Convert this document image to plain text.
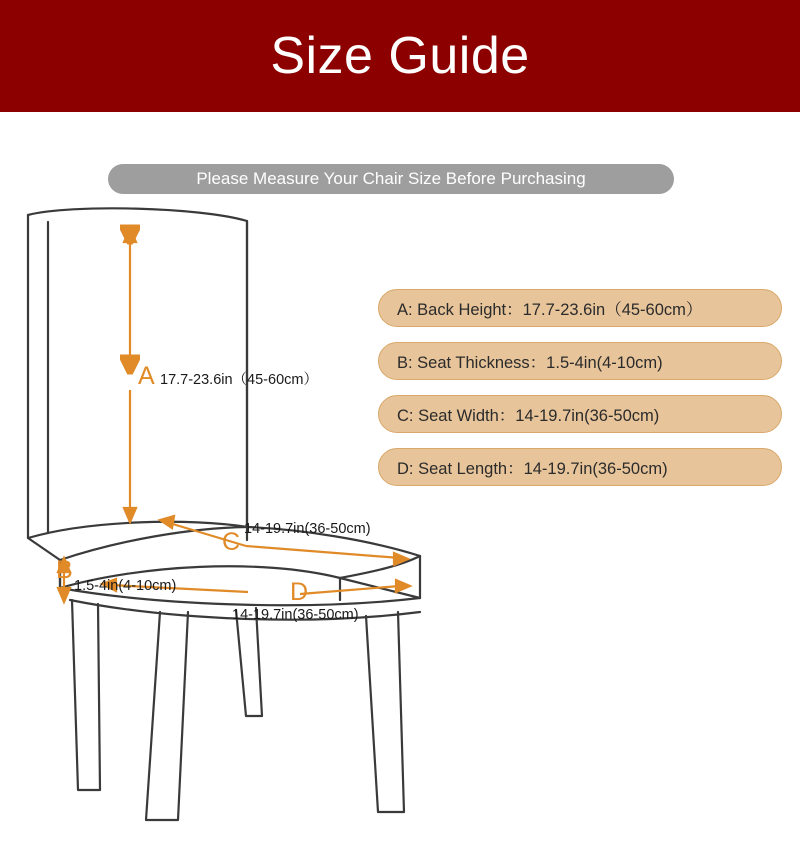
Size Guide
Please Measure Your Chair Size Before Purchasing
A 17.7-23.6in（45-60cm）
B
1.5-4in(4-10cm)
C 14-19.7in(36-50cm)
D
14-19.7in(36-50cm)
A: Back Height：17.7-23.6in（45-60cm）
B: Seat Thickness：1.5-4in(4-10cm)
C: Seat Width：14-19.7in(36-50cm)
D: Seat Length：14-19.7in(36-50cm)
